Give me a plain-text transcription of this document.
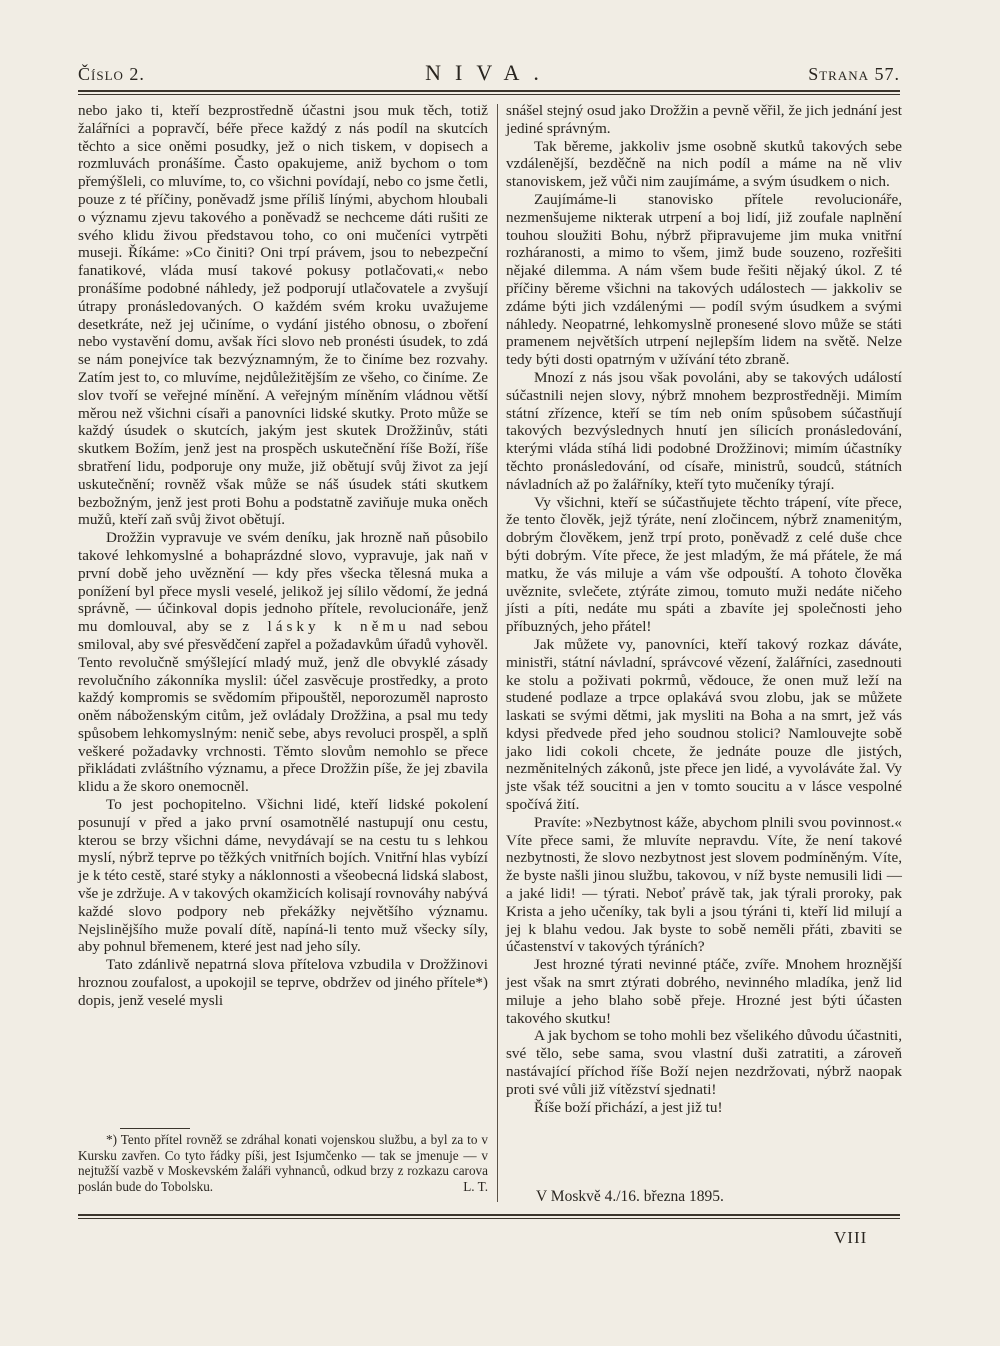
Číslo 2.	NIVA.	Strana 57.

nebo jako ti, kteří bezprostředně účastni jsou muk těch, totiž žalářníci a popravčí, béře přece každý z nás podíl na skutcích těchto a sice oněmi posudky, jež o nich tiskem, v dopisech a rozmluvách pronášíme. Často opakujeme, aniž bychom o tom přemýšleli, co mluvíme, to, co všichni povídají, nebo co jsme četli, pouze z té příčiny, poněvadž jsme příliš línými, abychom hloubali o významu zjevu takového a poněvadž se nechceme dáti rušiti ze svého klidu živou představou toho, co oni mučeníci vytrpěti museji. Říkáme: »Co činiti? Oni trpí právem, jsou to nebezpeční fanatikové, vláda musí takové pokusy potlačovati,« nebo pronášíme podobné náhledy, jež podporují utlačovatele a zvyšují útrapy pronásledovaných. O každém svém kroku uvažujeme desetkráte, než jej učiníme, o vydání jistého obnosu, o zboření nebo vystavění domu, avšak říci slovo neb pronésti úsudek, to zdá se nám ponejvíce tak bezvýznamným, že to činíme bez rozvahy. Zatím jest to, co mluvíme, nejdůležitějším ze všeho, co činíme. Ze slov tvoří se veřejné mínění. A veřejným míněním vládnou větší měrou než všichni císaři a panovníci lidské skutky. Proto může se každý úsudek o skutcích, jakým jest skutek Drožžinův, státi skutkem Božím, jenž jest na prospěch uskutečnění říše Boží, říše sbratření lidu, podporuje ony muže, již obětují svůj život za její uskutečnění; rovněž však může se náš úsudek státi skutkem bezbožným, jenž jest proti Bohu a podstatně zaviňuje muka oněch mužů, kteří zaň svůj život obětují.

Drožžin vypravuje ve svém deníku, jak hrozně naň působilo takové lehkomyslné a bohaprázdné slovo, vypravuje, jak naň v první době jeho uvěznění — kdy přes všecka tělesná muka a ponížení byl přece mysli veselé, jelikož jej sílilo vědomí, že jedná správně, — účinkoval dopis jednoho přítele, revolucionáře, jenž mu domlouval, aby se z lásky k němu nad sebou smiloval, aby své přesvědčení zapřel a požadavkům úřadů vyhověl. Tento revolučně smýšlející mladý muž, jenž dle obvyklé zásady revolučního zákonníka myslil: účel zasvěcuje prostředky, a proto každý kompromis se svědomím připouštěl, neporozuměl naprosto oněm náboženským citům, jež ovládaly Drožžina, a psal mu tedy spůsobem lehkomyslným: nenič sebe, abys revoluci prospěl, a splň veškeré požadavky vrchnosti. Těmto slovům nemohlo se přece přikládati zvláštního významu, a přece Drožžin píše, že jej zbavila klidu a že skoro onemocněl.

To jest pochopitelno. Všichni lidé, kteří lidské pokolení posunují v před a jako první osamotnělé nastupují onu cestu, kterou se brzy všichni dáme, nevydávají se na cestu tu s lehkou myslí, nýbrž teprve po těžkých vnitřních bojích. Vnitřní hlas vybízí je k této cestě, staré styky a náklonnosti a všeobecná lidská slabost, vše je zdržuje. A v takových okamžicích kolisají rovnováhy nabývá každé slovo podpory neb překážky největšího významu. Nejslinějšího muže povalí dítě, napíná-li tento muž všecky síly, aby pohnul břemenem, které jest nad jeho síly.

Tato zdánlivě nepatrná slova přítelova vzbudila v Drožžinovi hroznou zoufalost, a upokojil se teprve, obdržev od jiného přítele*) dopis, jenž veselé mysli

snášel stejný osud jako Drožžin a pevně věřil, že jich jednání jest jediné správným.

Tak běreme, jakkoliv jsme osobně skutků takových sebe vzdálenější, bezděčně na nich podíl a máme na ně vliv stanoviskem, jež vůči nim zaujímáme, a svým úsudkem o nich.

Zaujímáme-li stanovisko přítele revolucionáře, nezmenšujeme nikterak utrpení a boj lidí, již zoufale naplnění touhou sloužiti Bohu, nýbrž připravujeme jim muka vnitřní rozháranosti, a mimo to všem, jimž bude souzeno, rozřešiti nějaké dilemma. A nám všem bude řešiti nějaký úkol. Z té příčiny běreme všichni na takových událostech — jakkoliv se zdáme býti jich vzdálenými — podíl svým úsudkem a svými náhledy. Neopatrné, lehkomyslně pronesené slovo může se státi pramenem největších utrpení nejlepším lidem na světě. Nelze tedy býti dosti opatrným v užívání této zbraně.

Mnozí z nás jsou však povoláni, aby se takových událostí súčastnili nejen slovy, nýbrž mnohem bezprostředněji. Mimím státní zřízence, kteří se tím neb oním spůsobem súčastňují takových bezvýslednych hnutí jen sílicích pronásledování, kterými vláda stíhá lidi podobné Drožžinovi; mimím účastníky těchto pronásledování, od císaře, ministrů, soudců, státních návladních až po žalářníky, kteří tyto mučeníky týrají.

Vy všichni, kteří se súčastňujete těchto trápení, víte přece, že tento člověk, jejž týráte, není zločincem, nýbrž znamenitým, dobrým člověkem, jenž trpí proto, poněvadž z celé duše chce býti dobrým. Víte přece, že jest mladým, že má přátele, že má matku, že vás miluje a vám vše odpouští. A tohoto člověka uvěznite, svlečete, ztýráte zimou, tomuto muži nedáte ničeho jísti a píti, nedáte mu spáti a zbavíte jej společnosti jeho příbuzných, jeho přátel!

Jak můžete vy, panovníci, kteří takový rozkaz dáváte, ministři, státní návladní, správcové vězení, žalářníci, zasednouti ke stolu a poživati pokrmů, vědouce, že onen muž leží na studené podlaze a trpce oplakává svou zlobu, jak se můžete laskati se svými dětmi, jak mysliti na Boha a na smrt, jež vás kdysi předvede před jeho soudnou stolici? Namlouvejte sobě jako lidi cokoli chcete, že jednáte pouze dle jistých, nezměnitelných zákonů, jste přece jen lidé, a vyvoláváte žal. Vy jste však též soucitni a jen v tomto soucitu a v lásce vespolné spočívá žití.

Pravíte: »Nezbytnost káže, abychom plnili svou povinnost.« Víte přece sami, že mluvíte nepravdu. Víte, že není takové nezbytnosti, že slovo nezbytnost jest slovem podmíněným. Víte, že byste našli jinou službu, takovou, v níž byste nemusili lidi — a jaké lidi! — týrati. Neboť právě tak, jak týrali proroky, pak Krista a jeho učeníky, tak byli a jsou týráni ti, kteří lid milují a jej k blahu vedou. Jak byste to sobě neměli přáti, zbaviti se účastenství v takových týráních?

Jest hrozné týrati nevinné ptáče, zvíře. Mnohem hroznější jest však na smrt ztýrati dobrého, nevinného mladíka, jenž lid miluje a jeho blaho sobě přeje. Hrozné jest býti účasten takového skutku!

A jak bychom se toho mohli bez všelikého důvodu účastniti, své tělo, sebe sama, svou vlastní duši zatratiti, a zároveň nastávající příchod říše Boží nejen nezdržovati, nýbrž naopak proti své vůli již vítězství sjednati!

Říše boží přichází, a jest již tu!

*) Tento přítel rovněž se zdráhal konati vojenskou službu, a byl za to v Kursku zavřen. Co tyto řádky píši, jest Isjumčenko — tak se jmenuje — v nejtužší vazbě v Moskevském žaláři vyhnanců, odkud brzy z rozkazu carova poslán bude do Tobolsku.	L. T.

V Moskvě 4./16. března 1895.
VIII
